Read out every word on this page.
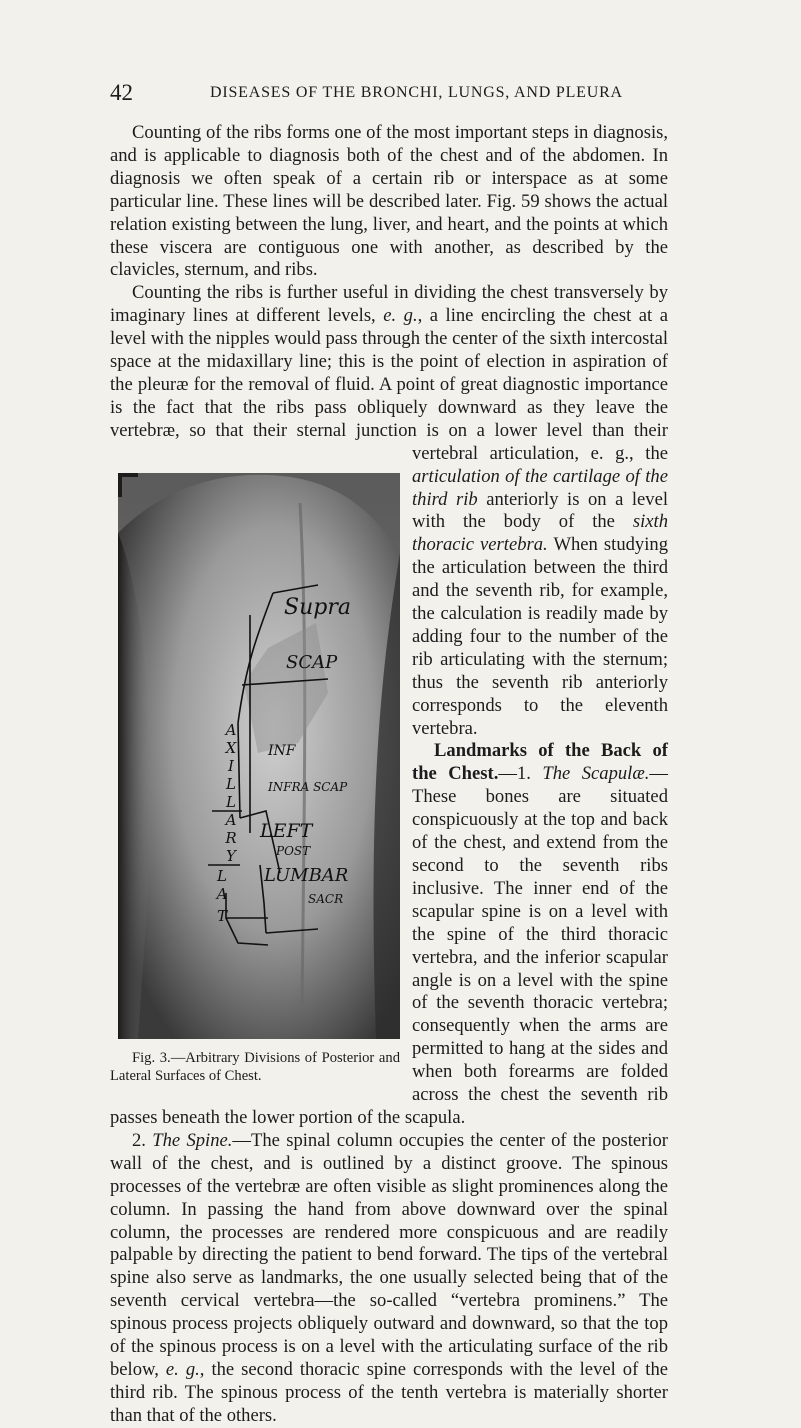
42	DISEASES OF THE BRONCHI, LUNGS, AND PLEURA

Counting of the ribs forms one of the most important steps in diagnosis, and is applicable to diagnosis both of the chest and of the abdomen. In diagnosis we often speak of a certain rib or interspace as at some particular line. These lines will be described later. Fig. 59 shows the actual relation existing between the lung, liver, and heart, and the points at which these viscera are contiguous one with another, as described by the clavicles, sternum, and ribs.

Counting the ribs is further useful in dividing the chest transversely by imaginary lines at different levels, e. g., a line encircling the chest at a level with the nipples would pass through the center of the sixth intercostal space at the midaxillary line; this is the point of election in aspiration of the pleuræ for the removal of fluid. A point of great diagnostic importance is the fact that the ribs pass obliquely downward as they leave the vertebræ, so that their sternal junction is on a lower level than their vertebral articulation,
Supra
SCAP
INF
INFRA SCAP
LEFT
POST
LUMBAR
SACR
A
X
I
L
L
A
R
Y
L
A
T
Fig. 3.—Arbitrary Divisions of Posterior and Lateral Surfaces of Chest.
e. g., the articulation of the cartilage of the third rib anteriorly is on a level with the body of the sixth thoracic vertebra. When studying the articulation between the third and the seventh rib, for example, the calculation is readily made by adding four to the number of the rib articulating with the sternum; thus the seventh rib anteriorly corresponds to the eleventh vertebra.

Landmarks of the Back of the Chest.—1. The Scapulæ.—These bones are situated conspicuously at the top and back of the chest, and extend from the second to the seventh ribs inclusive. The inner end of the scapular spine is on a level with the spine of the third thoracic vertebra, and the inferior scapular angle is on a level with the spine of the seventh thoracic vertebra; consequently when the arms are permitted to hang at the sides and when both forearms are folded across the chest the seventh rib passes beneath the lower portion of the scapula.

2. The Spine.—The spinal column occupies the center of the posterior wall of the chest, and is outlined by a distinct groove. The spinous processes of the vertebræ are often visible as slight prominences along the column. In passing the hand from above downward over the spinal column, the processes are rendered more conspicuous and are readily palpable by directing the patient to bend forward. The tips of the vertebral spine also serve as landmarks, the one usually selected being that of the seventh cervical vertebra—the so-called “vertebra prominens.” The spinous process projects obliquely outward and downward, so that the top of the spinous process is on a level with the articulating surface of the rib below, e. g., the second thoracic spine corresponds with the level of the third rib. The spinous process of the tenth vertebra is materially shorter than that of the others.
